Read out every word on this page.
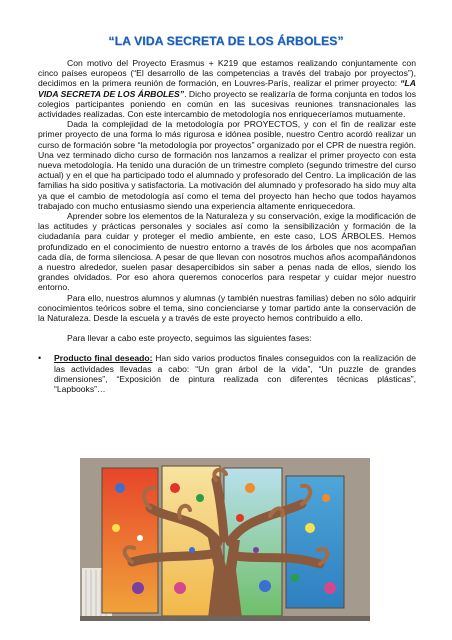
“LA VIDA SECRETA DE LOS ÁRBOLES”

Con motivo del Proyecto Erasmus + K219 que estamos realizando conjuntamente con cinco países europeos (“El desarrollo de las competencias a través del trabajo por proyectos”), decidimos en la primera reunión de formación, en Louvres-París, realizar el primer proyecto: “LA VIDA SECRETA DE LOS ÁRBOLES”. Dicho proyecto se realizaría de forma conjunta en todos los colegios participantes poniendo en común en las sucesivas reuniones transnacionales las actividades realizadas. Con este intercambio de metodología nos enriqueceríamos mutuamente.

Dada la complejidad de la metodología por PROYECTOS, y con el fin de realizar este primer proyecto de una forma lo más rigurosa e idónea posible, nuestro Centro acordó realizar un curso de formación sobre “la metodología por proyectos” organizado por el CPR de nuestra región. Una vez terminado dicho curso de formación nos lanzamos a realizar el primer proyecto con esta nueva metodología. Ha tenido una duración de un trimestre completo (segundo trimestre del curso actual) y en el que ha participado todo el alumnado y profesorado del Centro. La implicación de las familias ha sido positiva y satisfactoria. La motivación del alumnado y profesorado ha sido muy alta ya que el cambio de metodología así como el tema del proyecto han hecho que todos hayamos trabajado con mucho entusiasmo siendo una experiencia altamente enriquecedora.

Aprender sobre los elementos de la Naturaleza y su conservación, exige la modificación de las actitudes y prácticas personales y sociales así como la sensibilización y formación de la ciudadanía para cuidar y proteger el medio ambiente, en este caso, LOS ÁRBOLES. Hemos profundizado en el conocimiento de nuestro entorno a través de los árboles que nos acompañan cada día, de forma silenciosa. A pesar de que llevan con nosotros muchos años acompañándonos a nuestro alrededor, suelen pasar desapercibidos sin saber a penas nada de ellos, siendo los grandes olvidados. Por eso ahora queremos conocerlos para respetar y cuidar mejor nuestro entorno.

Para ello, nuestros alumnos y alumnas (y también nuestras familias) deben no sólo adquirir conocimientos teóricos sobre el tema, sino concienciarse y tomar partido ante la conservación de la Naturaleza. Desde la escuela y a través de este proyecto hemos contribuido a ello.

Para llevar a cabo este proyecto, seguimos las siguientes fases:

•	Producto final deseado: Han sido varios productos finales conseguidos con la realización de las actividades llevadas a cabo: “Un gran árbol de la vida”, “Un puzzle de grandes dimensiones”, “Exposición de pintura realizada con diferentes técnicas plásticas”, “Lapbooks”…
